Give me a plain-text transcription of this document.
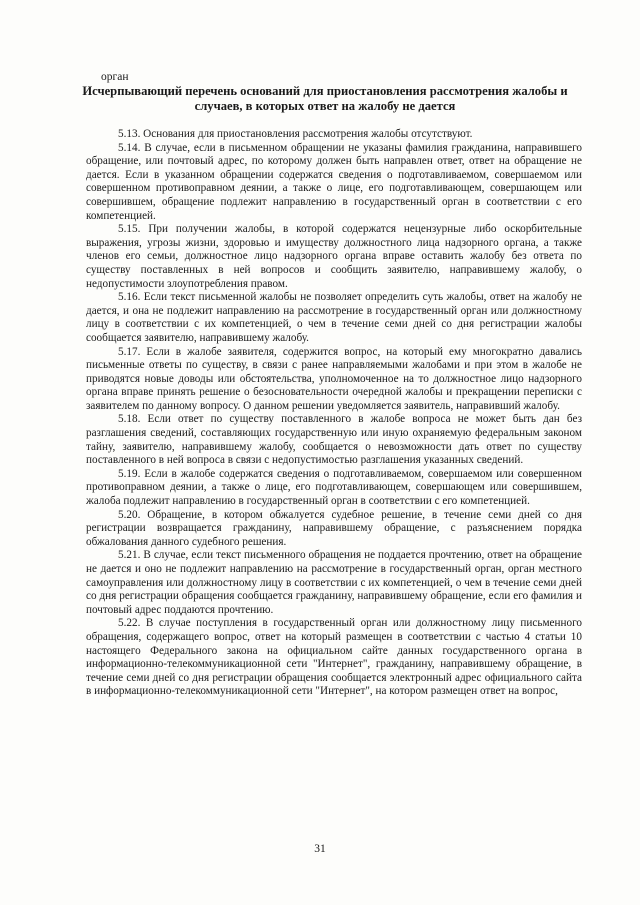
орган
Исчерпывающий перечень оснований для приостановления рассмотрения жалобы и
случаев, в которых ответ на жалобу не дается

5.13. Основания для приостановления рассмотрения жалобы отсутствуют.

5.14. В случае, если в письменном обращении не указаны фамилия гражданина, направившего обращение, или почтовый адрес, по которому должен быть направлен ответ, ответ на обращение не дается. Если в указанном обращении содержатся сведения о подготавливаемом, совершаемом или совершенном противоправном деянии, а также о лице, его подготавливающем, совершающем или совершившем, обращение подлежит направлению в государственный орган в соответствии с его компетенцией.

5.15. При получении жалобы, в которой содержатся нецензурные либо оскорбительные выражения, угрозы жизни, здоровью и имуществу должностного лица надзорного органа, а также членов его семьи, должностное лицо надзорного органа вправе оставить жалобу без ответа по существу поставленных в ней вопросов и сообщить заявителю, направившему жалобу, о недопустимости злоупотребления правом.

5.16. Если текст письменной жалобы не позволяет определить суть жалобы, ответ на жалобу не дается, и она не подлежит направлению на рассмотрение в государственный орган или должностному лицу в соответствии с их компетенцией, о чем в течение семи дней со дня регистрации жалобы сообщается заявителю, направившему жалобу.

5.17. Если в жалобе заявителя, содержится вопрос, на который ему многократно давались письменные ответы по существу, в связи с ранее направляемыми жалобами и при этом в жалобе не приводятся новые доводы или обстоятельства, уполномоченное на то должностное лицо надзорного органа вправе принять решение о безосновательности очередной жалобы и прекращении переписки с заявителем по данному вопросу. О данном решении уведомляется заявитель, направивший жалобу.

5.18. Если ответ по существу поставленного в жалобе вопроса не может быть дан без разглашения сведений, составляющих государственную или иную охраняемую федеральным законом тайну, заявителю, направившему жалобу, сообщается о невозможности дать ответ по существу поставленного в ней вопроса в связи с недопустимостью разглашения указанных сведений.

5.19. Если в жалобе содержатся сведения о подготавливаемом, совершаемом или совершенном противоправном деянии, а также о лице, его подготавливающем, совершающем или совершившем, жалоба подлежит направлению в государственный орган в соответствии с его компетенцией.

5.20. Обращение, в котором обжалуется судебное решение, в течение семи дней со дня регистрации возвращается гражданину, направившему обращение, с разъяснением порядка обжалования данного судебного решения.

5.21. В случае, если текст письменного обращения не поддается прочтению, ответ на обращение не дается и оно не подлежит направлению на рассмотрение в государственный орган, орган местного самоуправления или должностному лицу в соответствии с их компетенцией, о чем в течение семи дней со дня регистрации обращения сообщается гражданину, направившему обращение, если его фамилия и почтовый адрес поддаются прочтению.

5.22. В случае поступления в государственный орган или должностному лицу письменного обращения, содержащего вопрос, ответ на который размещен в соответствии с частью 4 статьи 10 настоящего Федерального закона на официальном сайте данных государственного органа в информационно-телекоммуникационной сети "Интернет", гражданину, направившему обращение, в течение семи дней со дня регистрации обращения сообщается электронный адрес официального сайта в информационно-телекоммуникационной сети "Интернет", на котором размещен ответ на вопрос,

31
